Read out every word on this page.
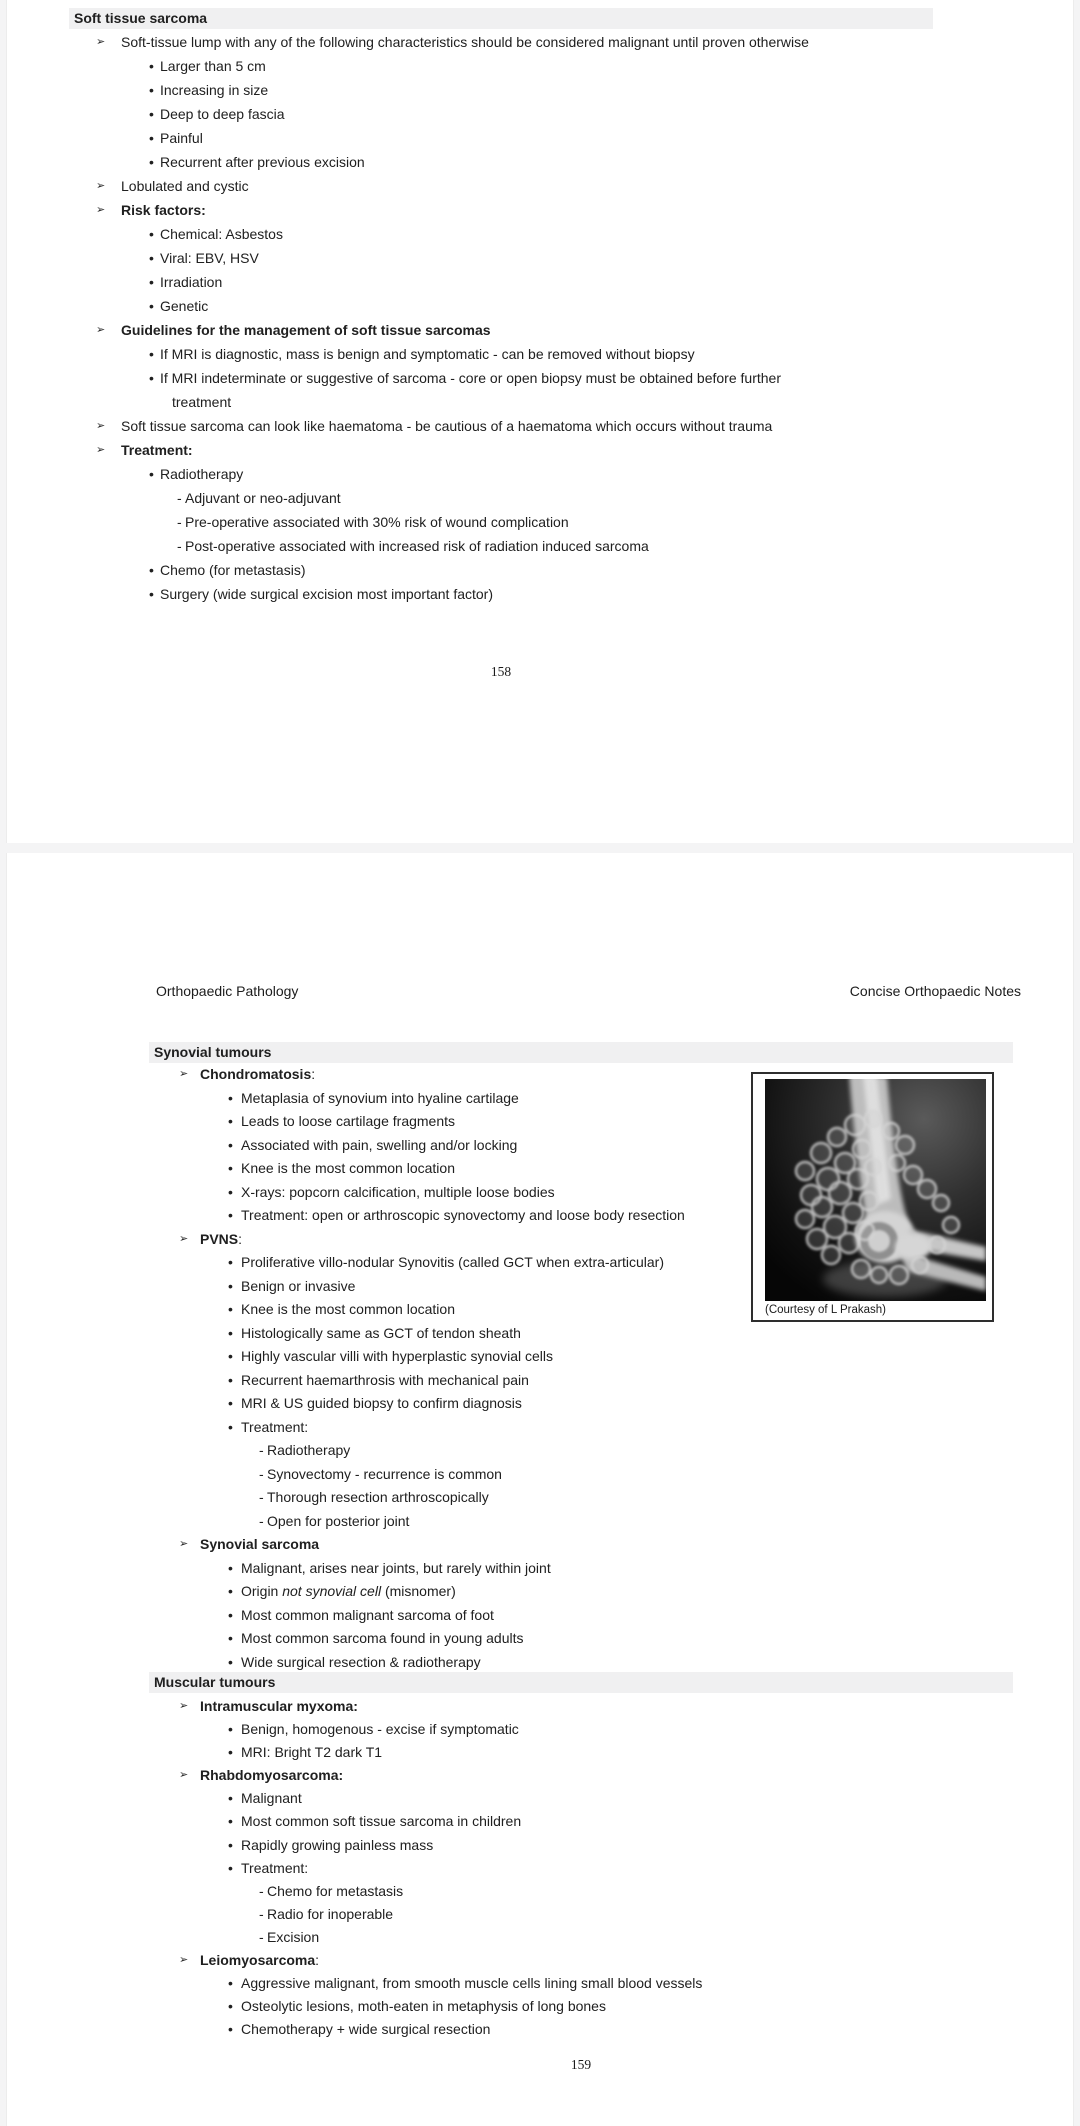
Soft tissue sarcoma
➢ Soft-tissue lump with any of the following characteristics should be considered malignant until proven otherwise
• Larger than 5 cm
• Increasing in size
• Deep to deep fascia
• Painful
• Recurrent after previous excision
➢ Lobulated and cystic
➢ Risk factors:
• Chemical: Asbestos
• Viral: EBV, HSV
• Irradiation
• Genetic
➢ Guidelines for the management of soft tissue sarcomas
• If MRI is diagnostic, mass is benign and symptomatic - can be removed without biopsy
• If MRI indeterminate or suggestive of sarcoma - core or open biopsy must be obtained before further
treatment
➢ Soft tissue sarcoma can look like haematoma - be cautious of a haematoma which occurs without trauma
➢ Treatment:
• Radiotherapy
- Adjuvant or neo-adjuvant
- Pre-operative associated with 30% risk of wound complication
- Post-operative associated with increased risk of radiation induced sarcoma
• Chemo (for metastasis)
• Surgery (wide surgical excision most important factor)
158
Orthopaedic Pathology	Concise Orthopaedic Notes
Synovial tumours
(Courtesy of L Prakash)
➢ Chondromatosis:
• Metaplasia of synovium into hyaline cartilage
• Leads to loose cartilage fragments
• Associated with pain, swelling and/or locking
• Knee is the most common location
• X-rays: popcorn calcification, multiple loose bodies
• Treatment: open or arthroscopic synovectomy and loose body resection
➢ PVNS:
• Proliferative villo-nodular Synovitis (called GCT when extra-articular)
• Benign or invasive
• Knee is the most common location
• Histologically same as GCT of tendon sheath
• Highly vascular villi with hyperplastic synovial cells
• Recurrent haemarthrosis with mechanical pain
• MRI & US guided biopsy to confirm diagnosis
• Treatment:
- Radiotherapy
- Synovectomy - recurrence is common
- Thorough resection arthroscopically
- Open for posterior joint
➢ Synovial sarcoma
• Malignant, arises near joints, but rarely within joint
• Origin not synovial cell (misnomer)
• Most common malignant sarcoma of foot
• Most common sarcoma found in young adults
• Wide surgical resection & radiotherapy
Muscular tumours
➢ Intramuscular myxoma:
• Benign, homogenous - excise if symptomatic
• MRI: Bright T2 dark T1
➢ Rhabdomyosarcoma:
• Malignant
• Most common soft tissue sarcoma in children
• Rapidly growing painless mass
• Treatment:
- Chemo for metastasis
- Radio for inoperable
- Excision
➢ Leiomyosarcoma:
• Aggressive malignant, from smooth muscle cells lining small blood vessels
• Osteolytic lesions, moth-eaten in metaphysis of long bones
• Chemotherapy + wide surgical resection
159
